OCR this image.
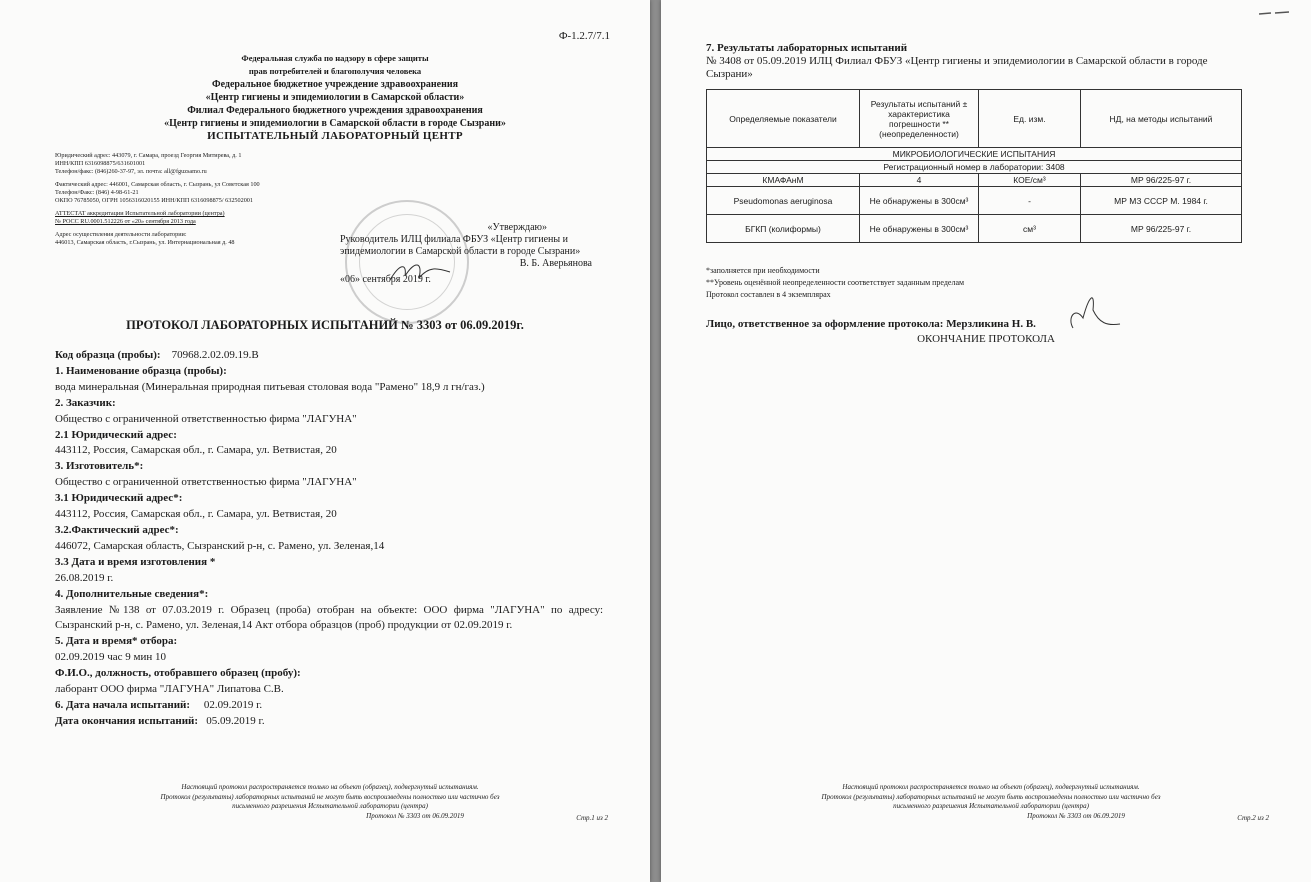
Ф-1.2.7/7.1
Федеральная служба по надзору в сфере защиты
прав потребителей и благополучия человека
Федеральное бюджетное учреждение здравоохранения
«Центр гигиены и эпидемиологии в Самарской области»
Филиал Федерального бюджетного учреждения здравоохранения
«Центр гигиены и эпидемиологии в Самарской области в городе Сызрани»
ИСПЫТАТЕЛЬНЫЙ ЛАБОРАТОРНЫЙ ЦЕНТР
Юридический адрес: 443079, г. Самара, проезд Георгия Митирева, д. 1
ИНН/КПП 6316098875/631601001
Телефон/факс: (846)260-37-97, эл. почта: all@fguzsamo.ru
Фактический адрес: 446001, Самарская область, г. Сызрань, ул Советская 100
Телефон/Факс: (846) 4-98-61-21
ОКПО 76785050, ОГРН 1056316020155 ИНН/КПП 6316098875/ 632502001
АТТЕСТАТ аккредитации Испытательной лаборатории (центра)
№ РОСС RU.0001.512226 от «20» сентября 2013 года
Адрес осуществления деятельности лаборатории:
446013, Самарская область, г.Сызрань, ул. Интернациональная д. 48
«Утверждаю»
Руководитель ИЛЦ филиала ФБУЗ «Центр гигиены и эпидемиологии в Самарской области в городе Сызрани»
В. Б. Аверьянова
«06» сентября 2019 г.
ПРОТОКОЛ ЛАБОРАТОРНЫХ ИСПЫТАНИЙ № 3303 от 06.09.2019г.
Код образца (пробы): 70968.2.02.09.19.В
1. Наименование образца (пробы):
вода минеральная (Минеральная природная питьевая столовая вода "Рамено" 18,9 л гн/газ.)
2. Заказчик:
Общество с ограниченной ответственностью фирма "ЛАГУНА"
2.1 Юридический адрес:
443112, Россия, Самарская обл., г. Самара, ул. Ветвистая, 20
3. Изготовитель*:
Общество с ограниченной ответственностью фирма "ЛАГУНА"
3.1 Юридический адрес*:
443112, Россия, Самарская обл., г. Самара, ул. Ветвистая, 20
3.2.Фактический адрес*:
446072, Самарская область, Сызранский р-н, с. Рамено, ул. Зеленая,14
3.3 Дата и время изготовления *
26.08.2019 г.
4. Дополнительные сведения*:
Заявление №138 от 07.03.2019 г. Образец (проба) отобран на объекте: ООО фирма "ЛАГУНА" по адресу: Сызранский р-н, с. Рамено, ул. Зеленая,14 Акт отбора образцов (проб) продукции от 02.09.2019 г.
5. Дата и время* отбора:
02.09.2019 час 9 мин 10
Ф.И.О., должность, отобравшего образец (пробу):
лаборант ООО фирма "ЛАГУНА" Липатова С.В.
6. Дата начала испытаний: 02.09.2019 г.
Дата окончания испытаний: 05.09.2019 г.
Настоящий протокол распространяется только на объект (образец), подвергнутый испытаниям.
Протокол (результаты) лабораторных испытаний не могут быть воспроизведены полностью или частично без
письменного разрешения Испытательной лаборатории (центра)
Протокол № 3303 от 06.09.2019	Стр.1 из 2
7. Результаты лабораторных испытаний
№ 3408 от 05.09.2019 ИЛЦ Филиал ФБУЗ «Центр гигиены и эпидемиологии в Самарской области в городе Сызрани»
Определяемые показатели	Результаты испытаний ± характеристика погрешности **(неопределенности)	Ед. изм.	НД, на методы испытаний
МИКРОБИОЛОГИЧЕСКИЕ ИСПЫТАНИЯ			
Регистрационный номер в лаборатории: 3408			
КМАФАнМ	4	КОЕ/см³	МР 96/225-97 г.
Pseudomonas aeruginosa	Не обнаружены в 300см³	-	МР МЗ СССР М. 1984 г.
БГКП (колиформы)	Не обнаружены в 300см³	см³	МР 96/225-97 г.
*заполняется при необходимости
**Уровень оценённой неопределенности соответствует заданным пределам
Протокол составлен в 4 экземплярах
Лицо, ответственное за оформление протокола: Мерзликина Н. В.
ОКОНЧАНИЕ ПРОТОКОЛА
Настоящий протокол распространяется только на объект (образец), подвергнутый испытаниям.
Протокол (результаты) лабораторных испытаний не могут быть воспроизведены полностью или частично без
письменного разрешения Испытательной лаборатории (центра)
Протокол № 3303 от 06.09.2019	Стр.2 из 2
